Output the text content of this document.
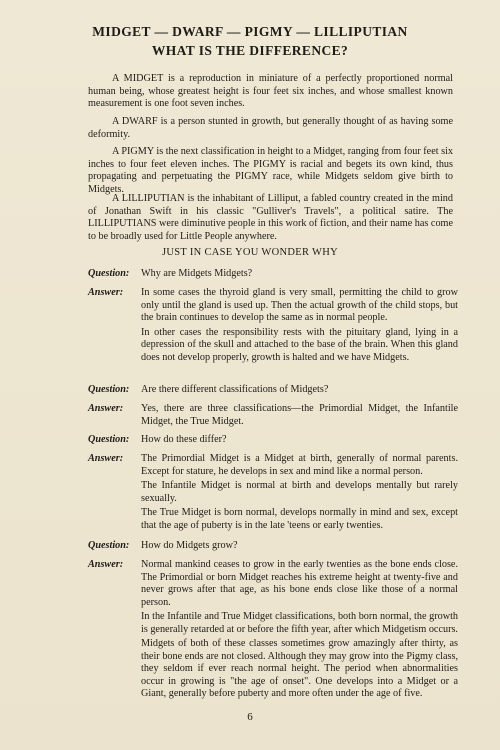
MIDGET — DWARF — PIGMY — LILLIPUTIAN
WHAT IS THE DIFFERENCE?

A MIDGET is a reproduction in miniature of a perfectly proportioned normal human being, whose greatest height is four feet six inches, and whose smallest known measurement is one foot seven inches.

A DWARF is a person stunted in growth, but generally thought of as having some deformity.

A PIGMY is the next classification in height to a Midget, ranging from four feet six inches to four feet eleven inches. The PIGMY is racial and begets its own kind, thus propagating and perpetuating the PIGMY race, while Midgets seldom give birth to Midgets.

A LILLIPUTIAN is the inhabitant of Lilliput, a fabled country created in the mind of Jonathan Swift in his classic "Gulliver's Travels", a political satire. The LILLIPUTIANS were diminutive people in this work of fiction, and their name has come to be broadly used for Little People anywhere.

JUST IN CASE YOU WONDER WHY
Question:	Why are Midgets Midgets?

Answer:	In some cases the thyroid gland is very small, permitting the child to grow only until the gland is used up. Then the actual growth of the child stops, but the brain continues to develop the same as in normal people.

In other cases the responsibility rests with the pituitary gland, lying in a depression of the skull and attached to the base of the brain. When this gland does not develop properly, growth is halted and we have Midgets.

Question:	Are there different classifications of Midgets?

Answer:	Yes, there are three classifications—the Primordial Midget, the Infantile Midget, the True Midget.

Question:	How do these differ?

Answer:	The Primordial Midget is a Midget at birth, generally of normal parents. Except for stature, he develops in sex and mind like a normal person.

The Infantile Midget is normal at birth and develops mentally but rarely sexually.

The True Midget is born normal, develops normally in mind and sex, except that the age of puberty is in the late 'teens or early twenties.

Question:	How do Midgets grow?

Answer:	Normal mankind ceases to grow in the early twenties as the bone ends close. The Primordial or born Midget reaches his extreme height at twenty-five and never grows after that age, as his bone ends close like those of a normal person.

In the Infantile and True Midget classifications, both born normal, the growth is generally retarded at or before the fifth year, after which Midgetism occurs.

Midgets of both of these classes sometimes grow amazingly after thirty, as their bone ends are not closed. Although they may grow into the Pigmy class, they seldom if ever reach normal height. The period when abnormalities occur in growing is "the age of onset". One develops into a Midget or a Giant, generally before puberty and more often under the age of five.

6
